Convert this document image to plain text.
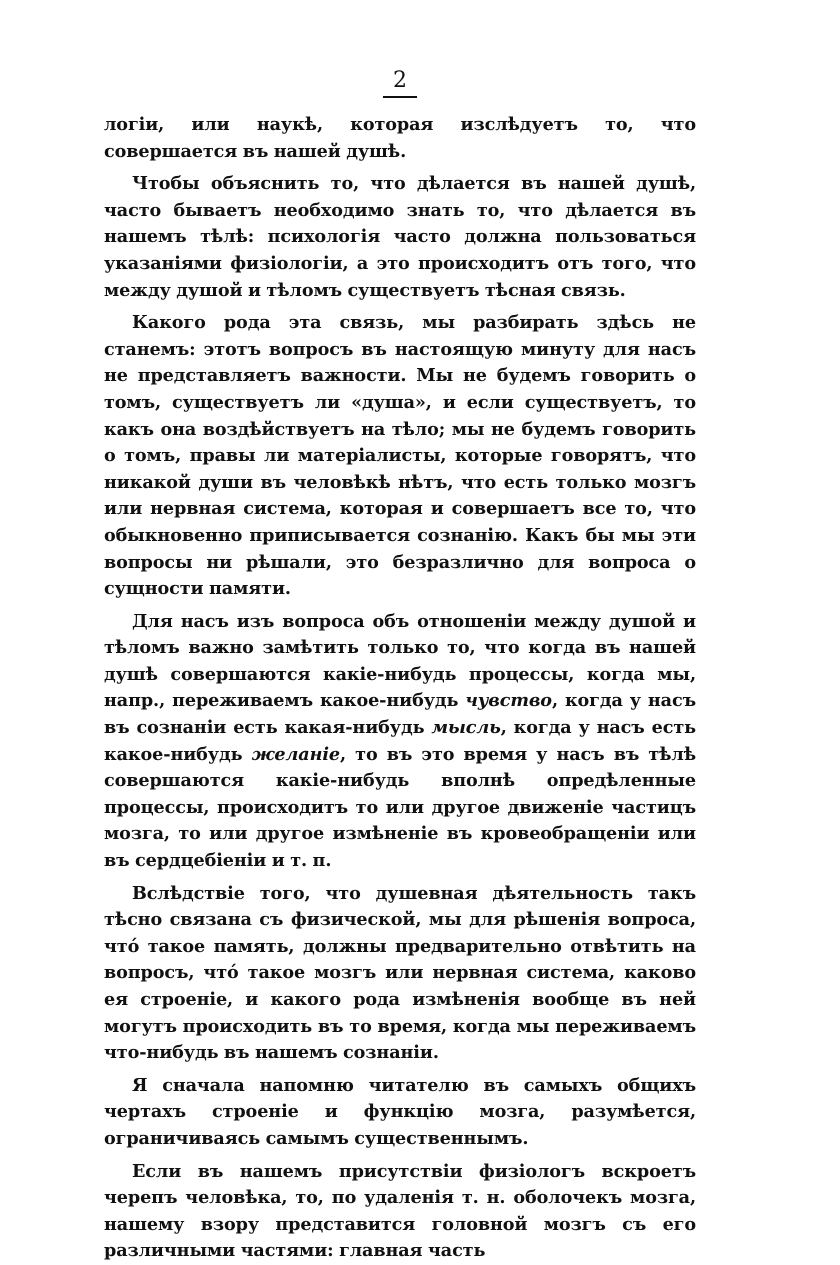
2

логіи, или наукѣ, которая изслѣдуетъ то, что совершается въ нашей душѣ.

Чтобы объяснить то, что дѣлается въ нашей душѣ, часто бываетъ необходимо знать то, что дѣлается въ нашемъ тѣлѣ: психологія часто должна пользоваться указаніями физіологіи, а это происходитъ отъ того, что между душой и тѣломъ существуетъ тѣсная связь.

Какого рода эта связь, мы разбирать здѣсь не станемъ: этотъ вопросъ въ настоящую минуту для насъ не представляетъ важности. Мы не будемъ говорить о томъ, существуетъ ли «душа», и если существуетъ, то какъ она воздѣйствуетъ на тѣло; мы не будемъ говорить о томъ, правы ли матеріалисты, которые говорятъ, что никакой души въ человѣкѣ нѣтъ, что есть только мозгъ или нервная система, которая и совершаетъ все то, что обыкновенно приписывается сознанію. Какъ бы мы эти вопросы ни рѣшали, это безразлично для вопроса о сущности памяти.

Для насъ изъ вопроса объ отношеніи между душой и тѣломъ важно замѣтить только то, что когда въ нашей душѣ совершаются какіе-нибудь процессы, когда мы, напр., переживаемъ какое-нибудь чувство, когда у насъ въ сознаніи есть какая-нибудь мысль, когда у насъ есть какое-нибудь желаніе, то въ это время у насъ въ тѣлѣ совершаются какіе-нибудь вполнѣ опредѣленные процессы, происходитъ то или другое движеніе частицъ мозга, то или другое измѣненіе въ кровеобращеніи или въ сердцебіеніи и т. п.

Вслѣдствіе того, что душевная дѣятельность такъ тѣсно связана съ физической, мы для рѣшенія вопроса, что́ такое память, должны предварительно отвѣтить на вопросъ, что́ такое мозгъ или нервная система, каково ея строеніе, и какого рода измѣненія вообще въ ней могутъ происходить въ то время, когда мы переживаемъ что-нибудь въ нашемъ сознаніи.

Я сначала напомню читателю въ самыхъ общихъ чертахъ строеніе и функцію мозга, разумѣется, ограничиваясь самымъ существеннымъ.

Если въ нашемъ присутствіи физіологъ вскроетъ черепъ человѣка, то, по удаленія т. н. оболочекъ мозга, нашему взору представится головной мозгъ съ его различными частями: главная часть
